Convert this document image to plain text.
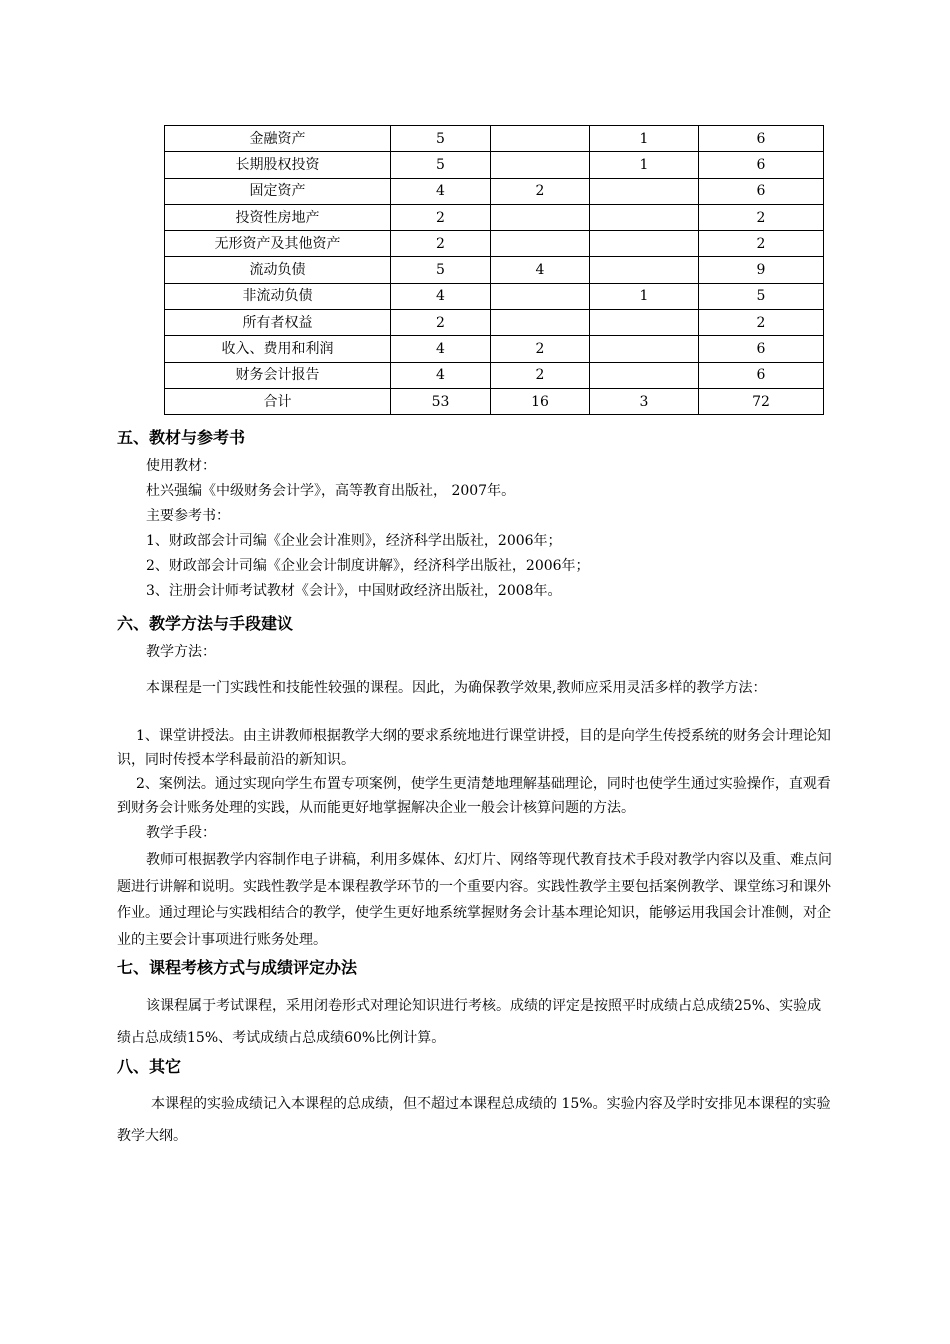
金融资产	5		1	6
长期股权投资	5		1	6
固定资产	4	2		6
投资性房地产	2			2
无形资产及其他资产	2			2
流动负债	5	4		9
非流动负债	4		1	5
所有者权益	2			2
收入、费用和利润	4	2		6
财务会计报告	4	2		6
合计	53	16	3	72
五、教材与参考书
使用教材：
杜兴强编《中级财务会计学》，高等教育出版社， 2007年。
主要参考书：
1、财政部会计司编《企业会计准则》，经济科学出版社，2006年；
2、财政部会计司编《企业会计制度讲解》，经济科学出版社，2006年；
3、注册会计师考试教材《会计》，中国财政经济出版社，2008年。
六、教学方法与手段建议
教学方法：
本课程是一门实践性和技能性较强的课程。因此，为确保教学效果,教师应采用灵活多样的教学方法：
1、课堂讲授法。由主讲教师根据教学大纲的要求系统地进行课堂讲授，目的是向学生传授系统的财务会计理论知识，同时传授本学科最前沿的新知识。
2、案例法。通过实现向学生布置专项案例，使学生更清楚地理解基础理论，同时也使学生通过实验操作，直观看到财务会计账务处理的实践，从而能更好地掌握解决企业一般会计核算问题的方法。
教学手段：
教师可根据教学内容制作电子讲稿，利用多媒体、幻灯片、网络等现代教育技术手段对教学内容以及重、难点问题进行讲解和说明。实践性教学是本课程教学环节的一个重要内容。实践性教学主要包括案例教学、课堂练习和课外作业。通过理论与实践相结合的教学，使学生更好地系统掌握财务会计基本理论知识，能够运用我国会计准侧，对企业的主要会计事项进行账务处理。
七、课程考核方式与成绩评定办法
该课程属于考试课程，采用闭卷形式对理论知识进行考核。成绩的评定是按照平时成绩占总成绩25%、实验成绩占总成绩15%、考试成绩占总成绩60%比例计算。
八、其它
本课程的实验成绩记入本课程的总成绩，但不超过本课程总成绩的 15%。实验内容及学时安排见本课程的实验教学大纲。
